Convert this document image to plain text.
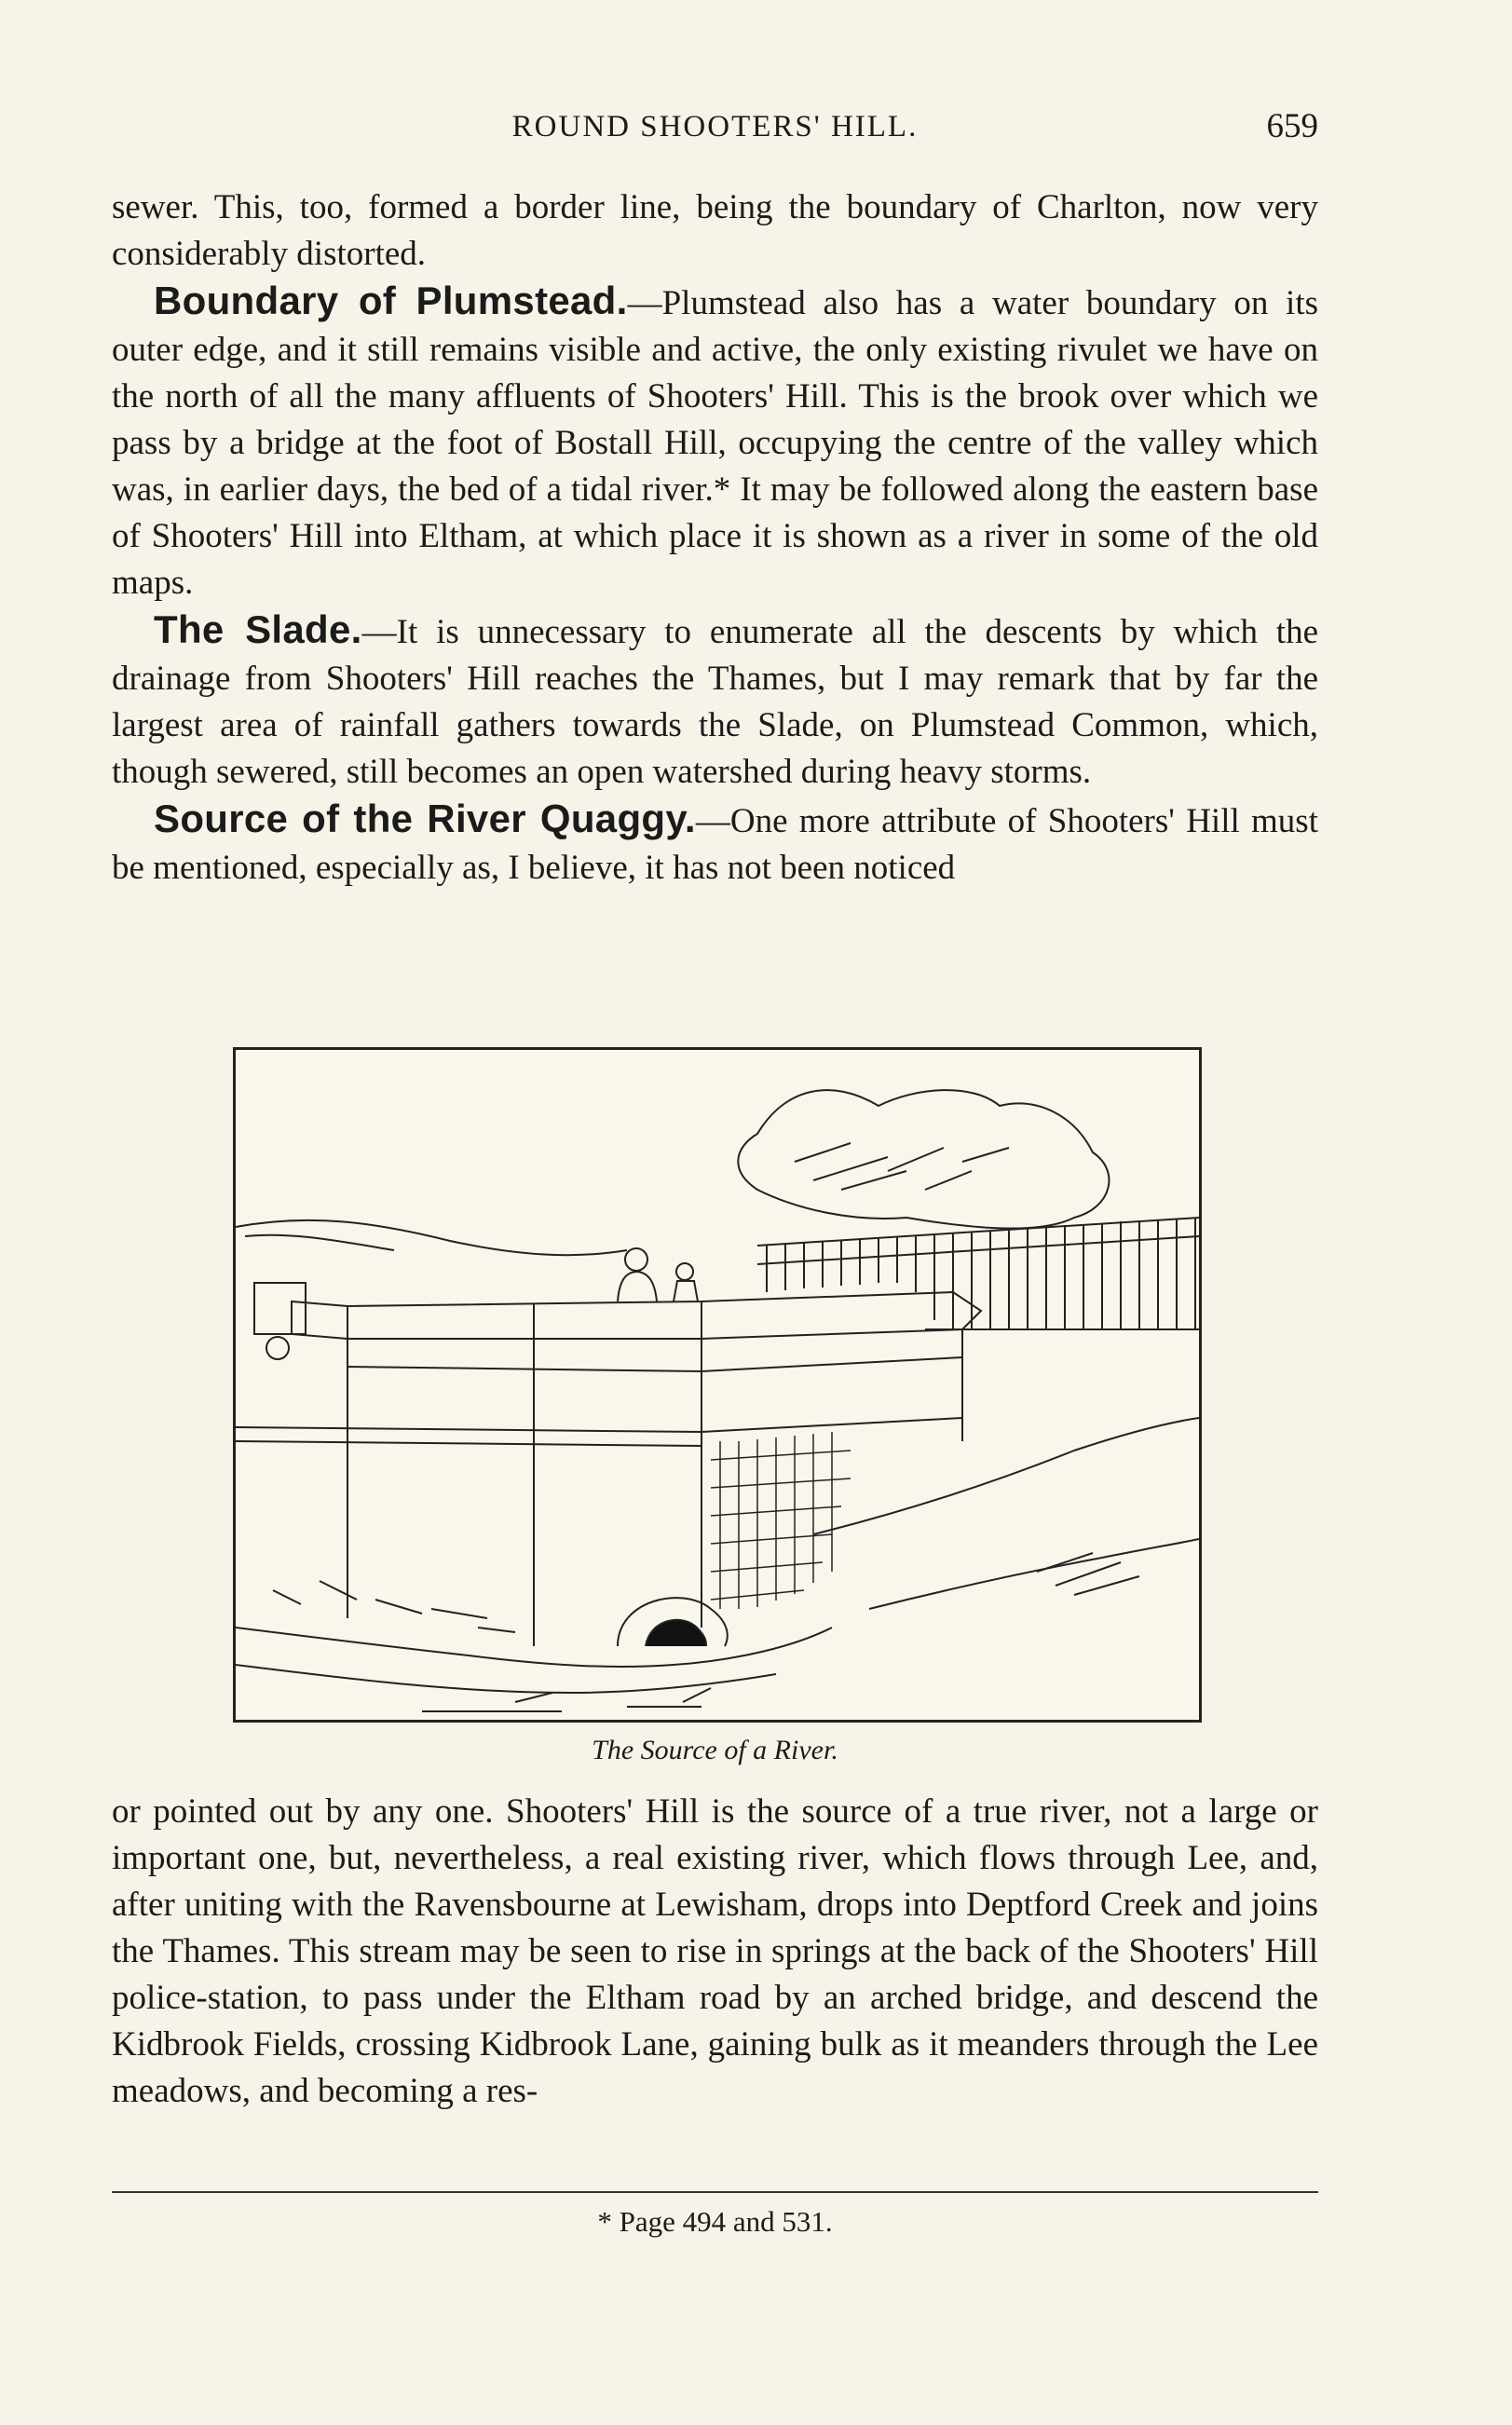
ROUND SHOOTERS' HILL.	659

sewer. This, too, formed a border line, being the boundary of Charlton, now very considerably distorted.

Boundary of Plumstead.—Plumstead also has a water boundary on its outer edge, and it still remains visible and active, the only existing rivulet we have on the north of all the many affluents of Shooters' Hill. This is the brook over which we pass by a bridge at the foot of Bostall Hill, occupying the centre of the valley which was, in earlier days, the bed of a tidal river.* It may be followed along the eastern base of Shooters' Hill into Eltham, at which place it is shown as a river in some of the old maps.

The Slade.—It is unnecessary to enumerate all the descents by which the drainage from Shooters' Hill reaches the Thames, but I may remark that by far the largest area of rainfall gathers towards the Slade, on Plumstead Common, which, though sewered, still becomes an open watershed during heavy storms.

Source of the River Quaggy.—One more attribute of Shooters' Hill must be mentioned, especially as, I believe, it has not been noticed

The Source of a River.

or pointed out by any one. Shooters' Hill is the source of a true river, not a large or important one, but, nevertheless, a real existing river, which flows through Lee, and, after uniting with the Ravensbourne at Lewisham, drops into Deptford Creek and joins the Thames. This stream may be seen to rise in springs at the back of the Shooters' Hill police-station, to pass under the Eltham road by an arched bridge, and descend the Kidbrook Fields, crossing Kidbrook Lane, gaining bulk as it meanders through the Lee meadows, and becoming a res-

* Page 494 and 531.
